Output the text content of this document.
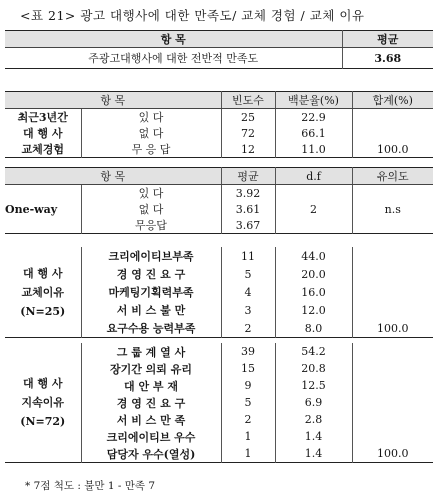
<표 21> 광고 대행사에 대한 만족도/ 교체 경험 / 교체 이유
항 목	평균
주광고대행사에 대한 전반적 만족도	3.68
항 목		빈도수	백분율(%)	합계(%)
최근3년간	있 다	25	22.9	
대 행 사	없 다	72	66.1	
교체경험	무 응 답	12	11.0	100.0
항 목		평균	d.f	유의도
One-way	있 다	3.92	2	n.s
	없 다	3.61		
	무응답	3.67		
대 행 사
교체이유
(N=25)	크리에이티브부족	11	44.0	
	경 영 진 요 구	5	20.0	
	마케팅기획력부족	4	16.0	
	서 비 스 불 만	3	12.0	
	요구수용 능력부족	2	8.0	100.0
대 행 사
지속이유
(N=72)	그 룹 계 열 사	39	54.2	
	장기간 의뢰 유리	15	20.8	
	대 안 부 재	9	12.5	
	경 영 진 요 구	5	6.9	
	서 비 스 만 족	2	2.8	
	크리에이티브 우수	1	1.4	
	담당자 우수(열성)	1	1.4	100.0
* 7점 척도 : 불만 1 - 만족 7
